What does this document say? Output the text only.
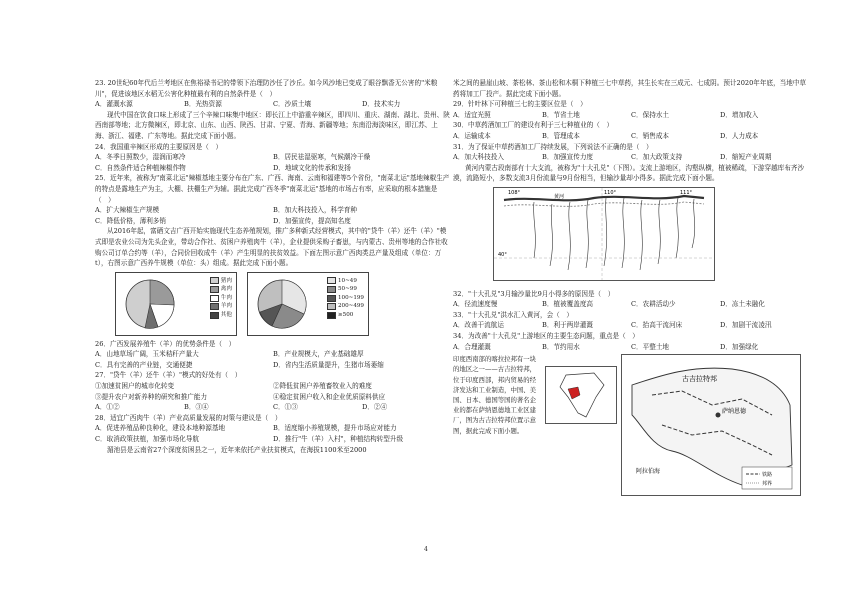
23. 20世纪60年代后兰考地区在焦裕禄书记的带领下治理防沙任了沙丘。如今风沙地已变成了眼谷飘香无公害的"米粮川"，促进该地区水稻无公害化种植最有利的自然条件是（　）

A．灌溉水源	B．光热资源	C．沙质土壤	D．技术实力

现代中国在饮食口味上形成了三个辛辣口味集中地区：即长江上中游重辛辣区，即四川、重庆、湖南、湖北、贵州、陕西南部等地；北方微辣区，即北京、山东、山西、陕西、甘肃、宁夏、青海、新疆等地；东南沿海淡味区，即江苏、上海、浙江、福建、广东等地。据此完成下面小题。

24．我国重辛辣区形成的主要原因是（　）

A．冬季日照数少，湿润而寒冷	B．居民祛湿驱寒，气候潮冷干燥
C．自然条件适合种植辣椒作物	D．地域文化的传承和发扬

25．近年来，被称为"南菜北运"辣椒基地主要分布在广东、广西、海南、云南和福建等5个省份，"南菜北运"基地辣椒生产的特点是露地生产为主，大棚、扶棚生产为辅。据此完成广西冬季"南菜北运"基地的市场占有率，应采取的根本措施是（　）

A．扩大辣椒生产规模	B．加大科技投入，科学育种
C．降低价格，薄利多销	D．加强宣传，提高知名度

从2016年起，富硒文吉广西开始实施现代生态养殖规划，推广多种新式经营模式，其中的"贷牛（羊）还牛（羊）"模式即是农业公司为先头企业，带动合作社、贫困户养殖肉牛（羊），企业提供采购子畜崽，与内蒙古、贵州等地的合作社收购公司订单合约等（羊），合同价回收成牛（羊）产生明显的扶贫效益。下面左图示意广西肉类总产量及组成（单位：万t），右图示意广西养牛规模（单位：头）组成。据此完成下面小题。

猪肉
禽肉
牛肉
羊肉
其他
10~49
50~99
100~199
200~499
≥500

26．广西发展养殖牛（羊）的优势条件是（　）

A．山地草场广阔，玉米秸秆产量大	B．产业规模大，产业基础雄厚
C．具有完善的产业链，交通便捷	D．省内生活质量提升，生猪市场萎缩

27．"贷牛（羊）还牛（羊）"模式的好处有（　）

①加速贫困户的城市化转变	②降低贫困户养殖畜牧业入的难度
③提升农户对新养种的研究和推广能力	④稳定贫困户收入和企业优质原料供应
A．①②	B．③④	C．①③	D．②④

28．适宜广西肉牛（羊）产业高质量发展的对策与建议是（　）

A．促进养殖品种良种化，建设本地种源基地	B．适度缩小养殖规模，提升市场应对能力
C．取消政策扶植，加强市场化导航	D．推行"牛（羊）入村"，种植结构转型升级

湄池县是云南省27个深度贫困县之一，近年来依托产业扶贫模式，在海拔1100米至2000

米之间的悬崖山坡、茶松林、茶山松和木桐下种植三七中草药，其生长实在三成元、七成阴。预计2020年年底，当地中草药将加工厂投产。据此完成下面小题。

29．针叶林下可种植三七的主要区位是（　）

A．适宜光照	B．节省土地	C．保持水土	D．增加收入

30．中草药酒加工厂的建设有利于三七种植业的（　）

A．运输成本	B．管理成本	C．销售成本	D．人力成本

31．为了保证中草药酒加工厂持续发展，下列说法不正确的是（　）

A．加大科技投入	B．加强宣传力度	C．加大政策支持	D．缩短产业周期

黄河内蒙古段南部有十大支流，被称为"十大孔兑"（下图）。支流上游地区，沟壑纵横，植被稀疏，下游穿越库布齐沙漠，流路短小，多数支流3月份流量与9月份相当，但输沙量却小得多。据此完成下面小题。

40°
108°	110°	111°
黄河

32．"十大孔兑"3月输沙量比9月小得多的原因是（　）

A．径流速度慢	B．植被覆盖度高	C．农耕活动少	D．冻土未融化

33．"十大孔兑"洪水汇入黄河，会（　）

A．改善干流航运	B．利于两岸灌溉	C．抬高干流河床	D．加剧干流凌汛

34．为改善"十大孔兑"上游地区的主要生态问题，重点是（　）

A．合理灌溉	B．节约用水	C．平整土地	D．加强绿化

印度西南部的喀拉拉邦有一块的地区之一——古吉拉特邦，位于印度西部，邦内贸易的经济发达和工业制造，中国、美国、日本、德国等国的著名企业的都在萨纳恩德地工业区建厂，图为古吉拉特邦位置示意图，据此完成下面小题。

萨纳恩德
古吉拉特邦
阿拉伯海	铁路
邦界
4
